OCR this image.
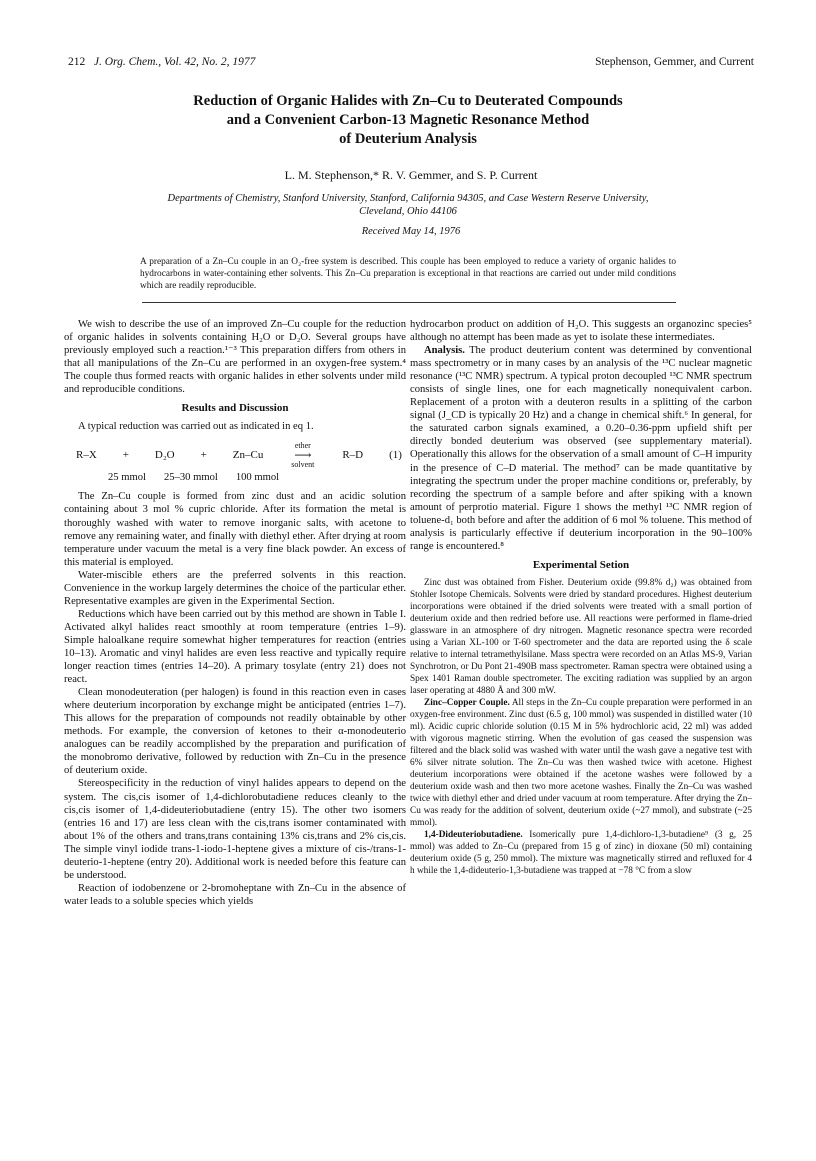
212 J. Org. Chem., Vol. 42, No. 2, 1977	Stephenson, Gemmer, and Current
Reduction of Organic Halides with Zn–Cu to Deuterated Compounds
and a Convenient Carbon-13 Magnetic Resonance Method
of Deuterium Analysis
L. M. Stephenson,* R. V. Gemmer, and S. P. Current
Departments of Chemistry, Stanford University, Stanford, California 94305, and Case Western Reserve University,
Cleveland, Ohio 44106
Received May 14, 1976
A preparation of a Zn–Cu couple in an O₂-free system is described. This couple has been employed to reduce a variety of organic halides to hydrocarbons in water-containing ether solvents. This Zn–Cu preparation is exceptional in that reactions are carried out under mild conditions which are readily reproducible.

We wish to describe the use of an improved Zn–Cu couple for the reduction of organic halides in solvents containing H₂O or D₂O. Several groups have previously employed such a reaction.¹⁻³ This preparation differs from others in that all manipulations of the Zn–Cu are performed in an oxygen-free system.⁴ The couple thus formed reacts with organic halides in ether solvents under mild and reproducible conditions.

Results and Discussion

A typical reduction was carried out as indicated in eq 1.

R–X + D₂O + Zn–Cu
ether
⟶
solvent
R–D (1)
25 mmol 25–30 mmol 100 mmol

The Zn–Cu couple is formed from zinc dust and an acidic solution containing about 3 mol % cupric chloride. After its formation the metal is thoroughly washed with water to remove inorganic salts, with acetone to remove any remaining water, and finally with diethyl ether. After drying at room temperature under vacuum the metal is a very fine black powder. An excess of this material is employed.

Water-miscible ethers are the preferred solvents in this reaction. Convenience in the workup largely determines the choice of the particular ether. Representative examples are given in the Experimental Section.

Reductions which have been carried out by this method are shown in Table I. Activated alkyl halides react smoothly at room temperature (entries 1–9). Simple haloalkane require somewhat higher temperatures for reaction (entries 10–13). Aromatic and vinyl halides are even less reactive and typically require longer reaction times (entries 14–20). A primary tosylate (entry 21) does not react.

Clean monodeuteration (per halogen) is found in this reaction even in cases where deuterium incorporation by exchange might be anticipated (entries 1–7). This allows for the preparation of compounds not readily obtainable by other methods. For example, the conversion of ketones to their α-monodeuterio analogues can be readily accomplished by the preparation and purification of the monobromo derivative, followed by reduction with Zn–Cu in the presence of deuterium oxide.

Stereospecificity in the reduction of vinyl halides appears to depend on the system. The cis,cis isomer of 1,4-dichlorobutadiene reduces cleanly to the cis,cis isomer of 1,4-dideuteriobutadiene (entry 15). The other two isomers (entries 16 and 17) are less clean with the cis,trans isomer contaminated with about 1% of the others and trans,trans containing 13% cis,trans and 2% cis,cis. The simple vinyl iodide trans-1-iodo-1-heptene gives a mixture of cis-/trans-1-deuterio-1-heptene (entry 20). Additional work is needed before this feature can be understood.

Reaction of iodobenzene or 2-bromoheptane with Zn–Cu in the absence of water leads to a soluble species which yields

hydrocarbon product on addition of H₂O. This suggests an organozinc species⁵ although no attempt has been made as yet to isolate these intermediates.

Analysis. The product deuterium content was determined by conventional mass spectrometry or in many cases by an analysis of the ¹³C nuclear magnetic resonance (¹³C NMR) spectrum. A typical proton decoupled ¹³C NMR spectrum consists of single lines, one for each magnetically nonequivalent carbon. Replacement of a proton with a deuteron results in a splitting of the carbon signal (J_CD is typically 20 Hz) and a change in chemical shift.⁶ In general, for the saturated carbon signals examined, a 0.20–0.36-ppm upfield shift per directly bonded deuterium was observed (see supplementary material). Operationally this allows for the observation of a small amount of C–H impurity in the presence of C–D material. The method⁷ can be made quantitative by integrating the spectrum under the proper machine conditions or, preferably, by recording the spectrum of a sample before and after spiking with a known amount of perprotio material. Figure 1 shows the methyl ¹³C NMR region of toluene-d₁ both before and after the addition of 6 mol % toluene. This method of analysis is particularly effective if deuterium incorporation in the 90–100% range is encountered.⁸

Experimental Setion

Zinc dust was obtained from Fisher. Deuterium oxide (99.8% d₂) was obtained from Stohler Isotope Chemicals. Solvents were dried by standard procedures. Highest deuterium incorporations were obtained if the dried solvents were treated with a small portion of deuterium oxide and then redried before use. All reactions were performed in flame-dried glassware in an atmosphere of dry nitrogen. Magnetic resonance spectra were recorded using a Varian XL-100 or T-60 spectrometer and the data are reported using the δ scale relative to internal tetramethylsilane. Mass spectra were recorded on an Atlas MS-9, Varian Synchrotron, or Du Pont 21-490B mass spectrometer. Raman spectra were obtained using a Spex 1401 Raman double spectrometer. The exciting radiation was supplied by an argon laser operating at 4880 Å and 300 mW.

Zinc–Copper Couple. All steps in the Zn–Cu couple preparation were performed in an oxygen-free environment. Zinc dust (6.5 g, 100 mmol) was suspended in distilled water (10 ml). Acidic cupric chloride solution (0.15 M in 5% hydrochloric acid, 22 ml) was added with vigorous magnetic stirring. When the evolution of gas ceased the suspension was filtered and the black solid was washed with water until the wash gave a negative test with 6% silver nitrate solution. The Zn–Cu was then washed twice with acetone. Highest deuterium incorporations were obtained if the acetone washes were followed by a deuterium oxide wash and then two more acetone washes. Finally the Zn–Cu was washed twice with diethyl ether and dried under vacuum at room temperature. After drying the Zn–Cu was ready for the addition of solvent, deuterium oxide (~27 mmol), and substrate (~25 mmol).

1,4-Dideuteriobutadiene. Isomerically pure 1,4-dichloro-1,3-butadiene⁹ (3 g, 25 mmol) was added to Zn–Cu (prepared from 15 g of zinc) in dioxane (50 ml) containing deuterium oxide (5 g, 250 mmol). The mixture was magnetically stirred and refluxed for 4 h while the 1,4-dideuterio-1,3-butadiene was trapped at −78 °C from a slow
